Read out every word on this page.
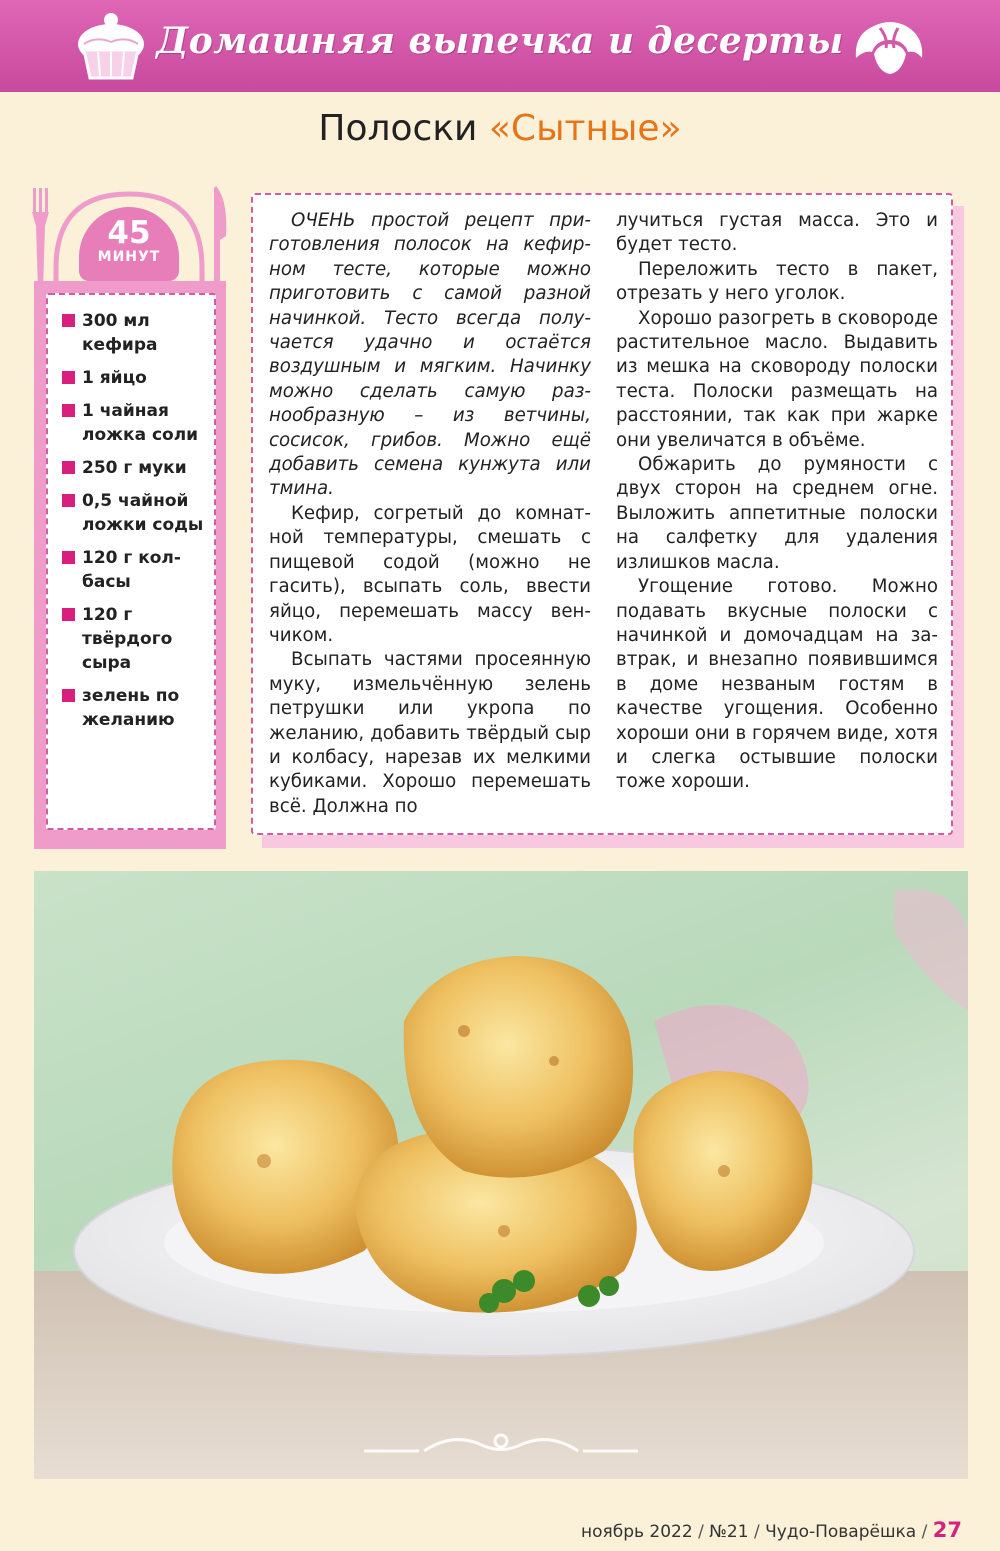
Домашняя выпечка и десерты
Полоски «Сытные»
45
МИНУТ
300 мл кефира
1 яйцо
1 чайная ложка соли
250 г муки
0,5 чайной ложки соды
120 г колбасы
120 г твёрдого сыра
зелень по желанию

ОЧЕНЬ простой рецепт приготовления полосок на кефирном тесте, которые можно приготовить с самой разной начинкой. Тесто всегда получается удачно и остаётся воздушным и мягким. Начинку можно сделать самую разнообразную – из ветчины, сосисок, грибов. Можно ещё добавить семена кунжута или тмина.

Кефир, согретый до комнатной температуры, смешать с пищевой содой (можно не гасить), всыпать соль, ввести яйцо, перемешать массу венчиком.

Всыпать частями просеянную муку, измельчённую зелень петрушки или укропа по желанию, добавить твёрдый сыр и колбасу, нарезав их мелкими кубиками. Хорошо перемешать всё. Должна по

лучиться густая масса. Это и будет тесто.

Переложить тесто в пакет, отрезать у него уголок.

Хорошо разогреть в сковороде растительное масло. Выдавить из мешка на сковороду полоски теста. Полоски размещать на расстоянии, так как при жарке они увеличатся в объёме.

Обжарить до румяности с двух сторон на среднем огне. Выложить аппетитные полоcки на салфетку для удаления излишков масла.

Угощение готово. Можно подавать вкусные полоски с начинкой и домочадцам на завтрак, и внезапно появившимся в доме незваным гостям в качестве угощения. Особенно хороши они в горячем виде, хотя и слегка остывшие полоски тоже хороши.

ноябрь 2022 / №21 / Чудо-Поварёшка / 27
